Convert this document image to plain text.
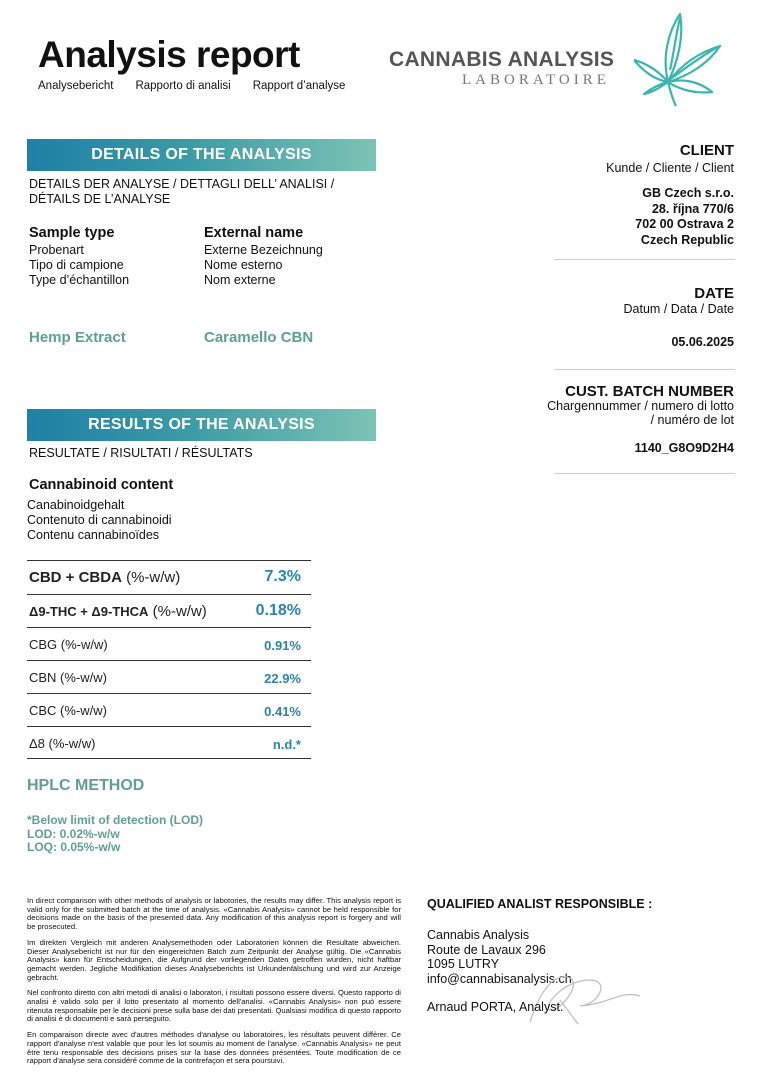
Analysis report
Analysebericht Rapporto di analisi Rapport d’analyse
CANNABIS ANALYSIS
LABORATOIRE
DETAILS OF THE ANALYSIS
DETAILS DER ANALYSE / DETTAGLI DELL’ ANALISI / DÉTAILS DE L’ANALYSE
Sample type
Probenart
Tipo di campione
Type d’échantillon
Hemp Extract
External name
Externe Bezeichnung
Nome esterno
Nom externe
Caramello CBN
CLIENT
Kunde / Cliente / Client
GB Czech s.r.o.
28. října 770/6
702 00 Ostrava 2
Czech Republic
DATE
Datum / Data / Date
05.06.2025
CUST. BATCH NUMBER
Chargennummer / numero di lotto
/ numéro de lot
1140_G8O9D2H4
RESULTS OF THE ANALYSIS
RESULTATE / RISULTATI / RÉSULTATS
Cannabinoid content
Canabinoidgehalt
Contenuto di cannabinoidi
Contenu cannabinoïdes
CBD + CBDA (%-w/w)	7.3%
Δ9-THC + Δ9-THCA (%-w/w)	0.18%
CBG (%-w/w)	0.91%
CBN (%-w/w)	22.9%
CBC (%-w/w)	0.41%
Δ8 (%-w/w)	n.d.*
HPLC METHOD
*Below limit of detection (LOD)
LOD: 0.02%-w/w
LOQ: 0.05%-w/w

In direct comparison with other methods of analysis or labotories, the results may differ. This analysis report is valid only for the submitted batch at the time of analysis. «Cannabis Analysis» cannot be held responsible for decisions made on the basis of the presented data. Any modification of this analysis report is forgery and will be prosecuted.

Im direkten Vergleich mit anderen Analysemethoden oder Laboratorien können die Resultate abweichen. Dieser Analysebericht ist nur für den eingereichten Batch zum Zeitpunkt der Analyse gültig. Die «Cannabis Analysis» kann für Entscheidungen, die Aufgrund der vorliegenden Daten getroffen wurden, nicht haftbar gemacht werden. Jegliche Modifikation dieses Analyseberichts ist Urkundenfälschung und wird zur Anzeige gebracht.

Nel confronto diretto con altri metodi di analisi o laboratori, i risultati possono essere diversi. Questo rapporto di analisi è valido solo per il lotto presentato al momento dell'analisi. «Cannabis Analysis» non può essere ritenuta responsabile per le decisioni prese sulla base dei dati presentati. Qualsiasi modifica di questo rapporto di analisi è di documenti e sarà perseguito.

En comparaison directe avec d'autres méthodes d'analyse ou laboratoires, les résultats peuvent différer. Ce rapport d'analyse n'est valable que pour les lot soumis au moment de l'analyse. «Cannabis Analysis» ne peut être tenu responsable des décisions prises sur la base des données présentées. Toute modification de ce rapport d'analyse sera considéré comme de la contrefaçon et sera poursuivi.

QUALIFIED ANALIST RESPONSIBLE :
Cannabis Analysis
Route de Lavaux 296
1095 LUTRY
info@cannabisanalysis.ch
Arnaud PORTA, Analyst.
